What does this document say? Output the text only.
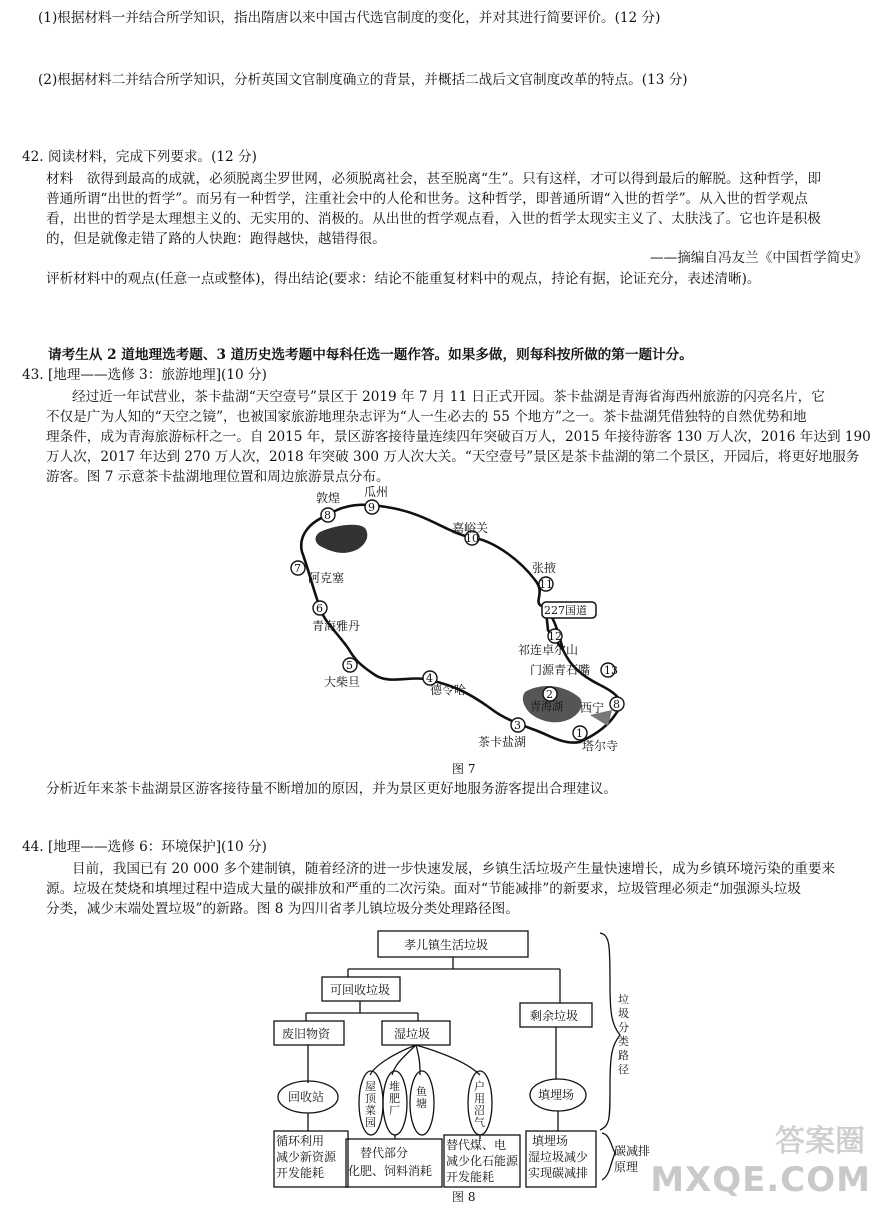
(1)根据材料一并结合所学知识，指出隋唐以来中国古代选官制度的变化，并对其进行简要评价。(12 分)
(2)根据材料二并结合所学知识，分析英国文官制度确立的背景，并概括二战后文官制度改革的特点。(13 分)
42. 阅读材料，完成下列要求。(12 分)
材料　欲得到最高的成就，必须脱离尘罗世网，必须脱离社会，甚至脱离“生”。只有这样，才可以得到最后的解脱。这种哲学，即
普通所谓“出世的哲学”。而另有一种哲学，注重社会中的人伦和世务。这种哲学，即普通所谓“入世的哲学”。从入世的哲学观点
看，出世的哲学是太理想主义的、无实用的、消极的。从出世的哲学观点看，入世的哲学太现实主义了、太肤浅了。它也许是积极
的，但是就像走错了路的人快跑：跑得越快，越错得很。
——摘编自冯友兰《中国哲学简史》
评析材料中的观点(任意一点或整体)，得出结论(要求：结论不能重复材料中的观点，持论有据，论证充分，表述清晰)。
请考生从 2 道地理选考题、3 道历史选考题中每科任选一题作答。如果多做，则每科按所做的第一题计分。
43. [地理——选修 3：旅游地理](10 分)
经过近一年试营业，茶卡盐湖“天空壹号”景区于 2019 年 7 月 11 日正式开园。茶卡盐湖是青海省海西州旅游的闪亮名片，它
不仅是广为人知的“天空之镜”，也被国家旅游地理杂志评为“人一生必去的 55 个地方”之一。茶卡盐湖凭借独特的自然优势和地
理条件，成为青海旅游标杆之一。自 2015 年，景区游客接待量连续四年突破百万人，2015 年接待游客 130 万人次，2016 年达到 190
万人次，2017 年达到 270 万人次，2018 年突破 300 万人次大关。“天空壹号”景区是茶卡盐湖的第二个景区，开园后，将更好地服务
游客。图 7 示意茶卡盐湖地理位置和周边旅游景点分布。
8
9
10
11
12
7
6
5
4
13
2
3
1
8
敦煌 瓜州
嘉峪关
张掖
227国道
阿克塞
青海雅丹
祁连卓尔山
门源青石嘴
大柴旦
德令哈
西宁
青海湖
茶卡盐湖	塔尔寺
图 7
分析近年来茶卡盐湖景区游客接待量不断增加的原因，并为景区更好地服务游客提出合理建议。
44. [地理——选修 6：环境保护](10 分)
目前，我国已有 20 000 多个建制镇，随着经济的进一步快速发展，乡镇生活垃圾产生量快速增长，成为乡镇环境污染的重要来
源。垃圾在焚烧和填埋过程中造成大量的碳排放和严重的二次污染。面对“节能减排”的新要求，垃圾管理必须走“加强源头垃圾
分类，减少末端处置垃圾”的新路。图 8 为四川省孝儿镇垃圾分类处理路径图。
孝儿镇生活垃圾
可回收垃圾
废旧物资	湿垃圾
剩余垃圾
回收站	填埋场
循环利用
减少新资源
开发能耗
替代部分
化肥、饲料消耗
替代煤、电
减少化石能源
开发能耗
填埋场
湿垃圾减少
实现碳减排
碳减排
原理
屋
顶
菜
园
堆
肥
厂
鱼
塘
户
用
沼
气
垃
圾
分
类
路
径
图 8
答案圈
MXQE.COM
